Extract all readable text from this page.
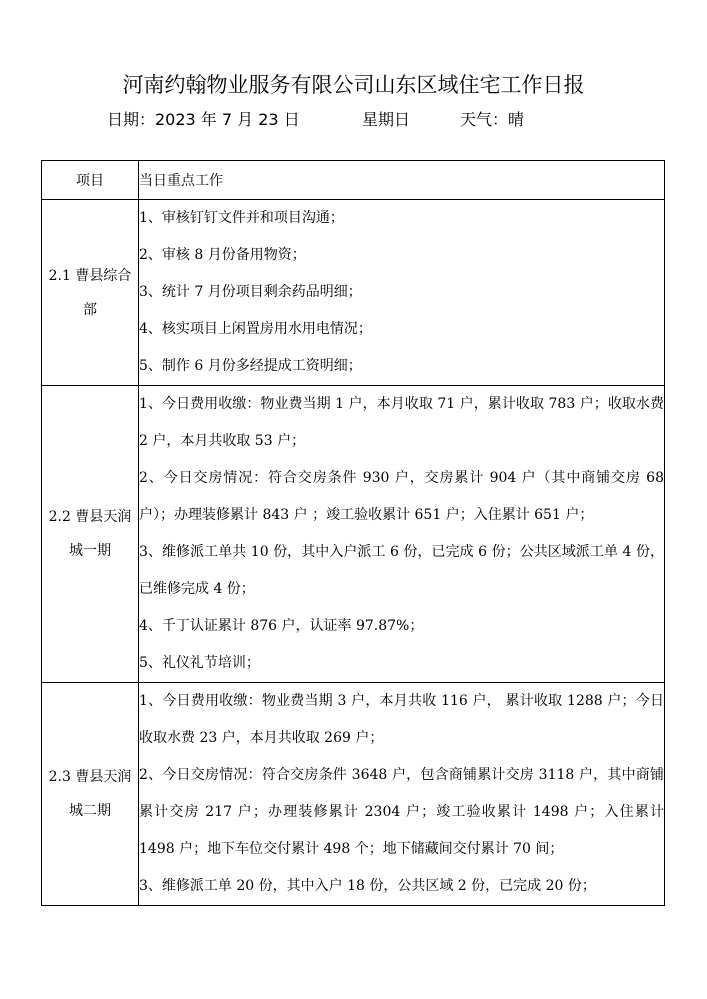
河南约翰物业服务有限公司山东区域住宅工作日报
日期：2023 年 7 月 23 日	星期日	天气：晴
项目	当日重点工作
2.1 曹县综合部	1、审核钉钉文件并和项目沟通；
2、审核 8 月份备用物资；
3、统计 7 月份项目剩余药品明细；
4、核实项目上闲置房用水用电情况；
5、制作 6 月份多经提成工资明细；

2.2 曹县天润城一期	1、今日费用收缴：物业费当期 1 户，本月收取 71 户，累计收取 783 户；收取水费 2 户，本月共收取 53 户；
2、今日交房情况：符合交房条件 930 户，交房累计 904 户（其中商铺交房 68 户）；办理装修累计 843 户 ；竣工验收累计 651 户；入住累计 651 户；
3、维修派工单共 10 份，其中入户派工 6 份，已完成 6 份；公共区域派工单 4 份，已维修完成 4 份；
4、千丁认证累计 876 户，认证率 97.87%；
5、礼仪礼节培训；

2.3 曹县天润城二期	1、今日费用收缴：物业费当期 3 户，本月共收 116 户， 累计收取 1288 户；今日收取水费 23 户，本月共收取 269 户；
2、今日交房情况：符合交房条件 3648 户，包含商铺累计交房 3118 户，其中商铺累计交房 217 户；办理装修累计 2304 户；竣工验收累计 1498 户；入住累计 1498 户；地下车位交付累计 498 个；地下储藏间交付累计 70 间；
3、维修派工单 20 份，其中入户 18 份，公共区域 2 份，已完成 20 份；
